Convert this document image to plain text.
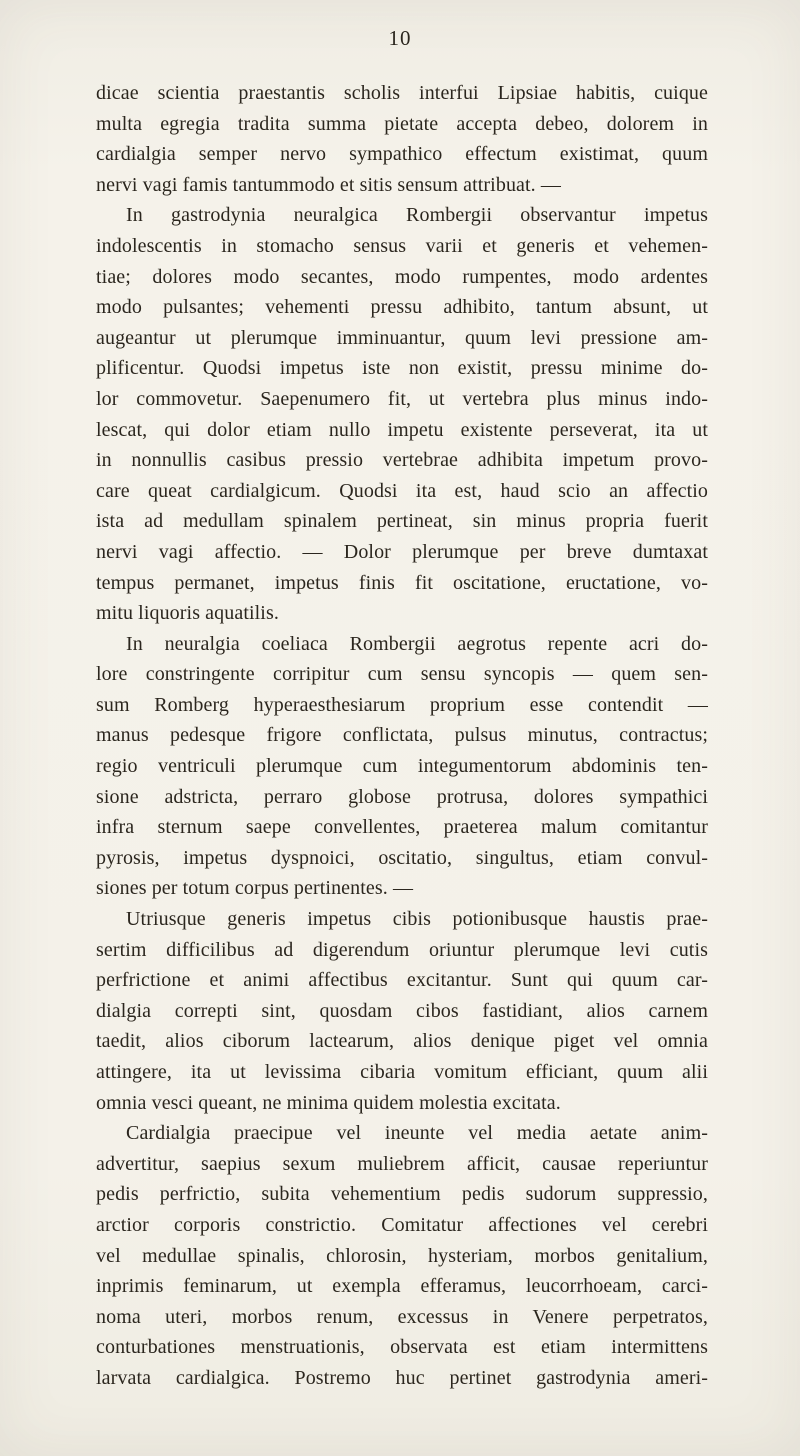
10
dicae scientia praestantis scholis interfui Lipsiae habitis, cuique
multa egregia tradita summa pietate accepta debeo, dolorem in
cardialgia semper nervo sympathico effectum existimat, quum
nervi vagi famis tantummodo et sitis sensum attribuat. —
In gastrodynia neuralgica Rombergii observantur impetus
indolescentis in stomacho sensus varii et generis et vehemen-
tiae; dolores modo secantes, modo rumpentes, modo ardentes
modo pulsantes; vehementi pressu adhibito, tantum absunt, ut
augeantur ut plerumque imminuantur, quum levi pressione am-
plificentur. Quodsi impetus iste non existit, pressu minime do-
lor commovetur. Saepenumero fit, ut vertebra plus minus indo-
lescat, qui dolor etiam nullo impetu existente perseverat, ita ut
in nonnullis casibus pressio vertebrae adhibita impetum provo-
care queat cardialgicum. Quodsi ita est, haud scio an affectio
ista ad medullam spinalem pertineat, sin minus propria fuerit
nervi vagi affectio. — Dolor plerumque per breve dumtaxat
tempus permanet, impetus finis fit oscitatione, eructatione, vo-
mitu liquoris aquatilis.
In neuralgia coeliaca Rombergii aegrotus repente acri do-
lore constringente corripitur cum sensu syncopis — quem sen-
sum Romberg hyperaesthesiarum proprium esse contendit —
manus pedesque frigore conflictata, pulsus minutus, contractus;
regio ventriculi plerumque cum integumentorum abdominis ten-
sione adstricta, perraro globose protrusa, dolores sympathici
infra sternum saepe convellentes, praeterea malum comitantur
pyrosis, impetus dyspnoici, oscitatio, singultus, etiam convul-
siones per totum corpus pertinentes. —
Utriusque generis impetus cibis potionibusque haustis prae-
sertim difficilibus ad digerendum oriuntur plerumque levi cutis
perfrictione et animi affectibus excitantur. Sunt qui quum car-
dialgia correpti sint, quosdam cibos fastidiant, alios carnem
taedit, alios ciborum lactearum, alios denique piget vel omnia
attingere, ita ut levissima cibaria vomitum efficiant, quum alii
omnia vesci queant, ne minima quidem molestia excitata.
Cardialgia praecipue vel ineunte vel media aetate anim-
advertitur, saepius sexum muliebrem afficit, causae reperiuntur
pedis perfrictio, subita vehementium pedis sudorum suppressio,
arctior corporis constrictio. Comitatur affectiones vel cerebri
vel medullae spinalis, chlorosin, hysteriam, morbos genitalium,
inprimis feminarum, ut exempla efferamus, leucorrhoeam, carci-
noma uteri, morbos renum, excessus in Venere perpetratos,
conturbationes menstruationis, observata est etiam intermittens
larvata cardialgica. Postremo huc pertinet gastrodynia ameri-
